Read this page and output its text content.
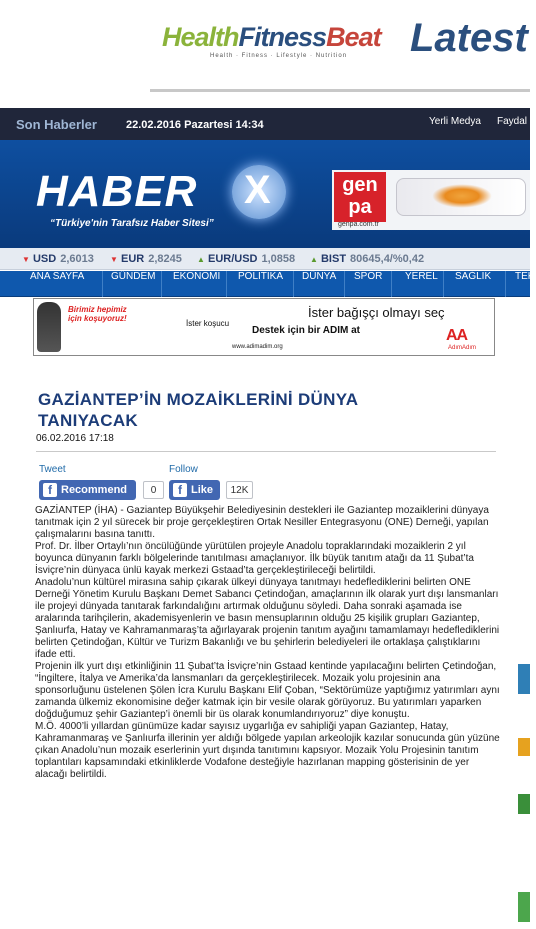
HealthFitnessBeat
Health · Fitness · Lifestyle · Nutrition Latest
Son Haberler	22.02.2016 Pazartesi 14:34	Yerli Medya Faydal
HABER X
“Türkiye'nin Tarafsız Haber Sitesi”
gen
pa
genpa.com.tr
▼ USD 2,6013 ▼ EUR 2,8245 ▲ EUR/USD 1,0858 ▲ BIST 80645,4/%0,42
ANA SAYFA	GÜNDEM	EKONOMİ	POLİTİKA	DÜNYA	SPOR	YEREL	SAĞLIK	TEK
Birimiz hepimiz için koşuyoruz!
İster koşucu
İster bağışçı olmayı seç
Destek için bir ADIM at
www.adimadim.org
AA
AdımAdım
GAZİANTEP’İN MOZAİKLERİNİ DÜNYA TANIYACAK
06.02.2016 17:18
Tweet	Follow
f Recommend	0	f Like	12K

GAZİANTEP (İHA) - Gaziantep Büyükşehir Belediyesinin destekleri ile Gaziantep mozaiklerini dünyaya tanıtmak için 2 yıl sürecek bir proje gerçekleştiren Ortak Nesiller Entegrasyonu (ONE) Derneği, yapılan çalışmalarını basına tanıttı.

Prof. Dr. İlber Ortaylı’nın öncülüğünde yürütülen projeyle Anadolu topraklarındaki mozaiklerin 2 yıl boyunca dünyanın farklı bölgelerinde tanıtılması amaçlanıyor. İlk büyük tanıtım atağı da 11 Şubat’ta İsviçre’nin dünyaca ünlü kayak merkezi Gstaad’ta gerçekleştirileceği belirtildi.

Anadolu’nun kültürel mirasına sahip çıkarak ülkeyi dünyaya tanıtmayı hedeflediklerini belirten ONE Derneği Yönetim Kurulu Başkanı Demet Sabancı Çetindoğan, amaçlarının ilk olarak yurt dışı lansmanları ile projeyi dünyada tanıtarak farkındalığını artırmak olduğunu söyledi. Daha sonraki aşamada ise aralarında tarihçilerin, akademisyenlerin ve basın mensuplarının olduğu 25 kişilik grupları Gaziantep, Şanlıurfa, Hatay ve Kahramanmaraş’ta ağırlayarak projenin tanıtım ayağını tamamlamayı hedeflediklerini belirten Çetindoğan, Kültür ve Turizm Bakanlığı ve bu şehirlerin belediyeleri ile ortaklaşa çalıştıklarını ifade etti.

Projenin ilk yurt dışı etkinliğinin 11 Şubat’ta İsviçre’nin Gstaad kentinde yapılacağını belirten Çetindoğan, “İngiltere, İtalya ve Amerika’da lansmanları da gerçekleştirilecek. Mozaik yolu projesinin ana sponsorluğunu üstelenen Şölen İcra Kurulu Başkanı Elif Çoban, “Sektörümüze yaptığımız yatırımları aynı zamanda ülkemiz ekonomisine değer katmak için bir vesile olarak görüyoruz. Bu yatırımları yaparken doğduğumuz şehir Gaziantep’i önemli bir üs olarak konumlandırıyoruz” diye konuştu.

M.Ö. 4000’li yıllardan günümüze kadar sayısız uygarlığa ev sahipliği yapan Gaziantep, Hatay, Kahramanmaraş ve Şanlıurfa illerinin yer aldığı bölgede yapılan arkeolojik kazılar sonucunda gün yüzüne çıkan Anadolu’nun mozaik eserlerinin yurt dışında tanıtımını kapsıyor. Mozaik Yolu Projesinin tanıtım toplantıları kapsamındaki etkinliklerde Vodafone desteğiyle hazırlanan mapping gösterisinin de yer alacağı belirtildi.
